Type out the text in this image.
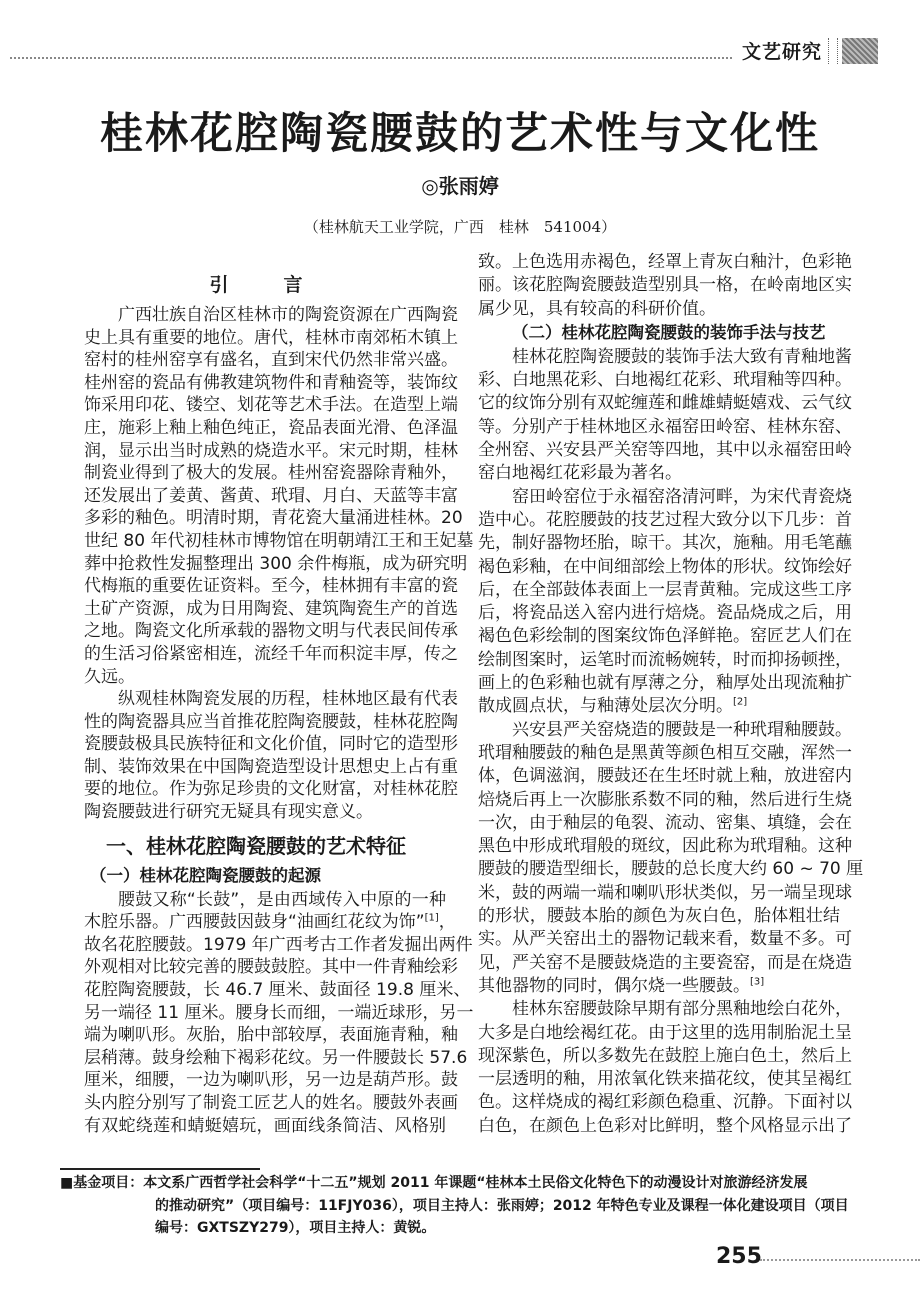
文艺研究
桂林花腔陶瓷腰鼓的艺术性与文化性
◎张雨婷
（桂林航天工业学院，广西　桂林　541004）
引　言
广西壮族自治区桂林市的陶瓷资源在广西陶瓷
史上具有重要的地位。唐代，桂林市南郊柘木镇上
窑村的桂州窑享有盛名，直到宋代仍然非常兴盛。
桂州窑的瓷品有佛教建筑物件和青釉瓷等，装饰纹
饰采用印花、镂空、划花等艺术手法。在造型上端
庄，施彩上釉上釉色纯正，瓷品表面光滑、色泽温
润，显示出当时成熟的烧造水平。宋元时期，桂林
制瓷业得到了极大的发展。桂州窑瓷器除青釉外，
还发展出了姜黄、酱黄、玳瑁、月白、天蓝等丰富
多彩的釉色。明清时期，青花瓷大量涌进桂林。20
世纪 80 年代初桂林市博物馆在明朝靖江王和王妃墓
葬中抢救性发掘整理出 300 余件梅瓶，成为研究明
代梅瓶的重要佐证资料。至今，桂林拥有丰富的瓷
土矿产资源，成为日用陶瓷、建筑陶瓷生产的首选
之地。陶瓷文化所承载的器物文明与代表民间传承
的生活习俗紧密相连，流经千年而积淀丰厚，传之
久远。
纵观桂林陶瓷发展的历程，桂林地区最有代表
性的陶瓷器具应当首推花腔陶瓷腰鼓，桂林花腔陶
瓷腰鼓极具民族特征和文化价值，同时它的造型形
制、装饰效果在中国陶瓷造型设计思想史上占有重
要的地位。作为弥足珍贵的文化财富，对桂林花腔
陶瓷腰鼓进行研究无疑具有现实意义。
一、桂林花腔陶瓷腰鼓的艺术特征
（一）桂林花腔陶瓷腰鼓的起源
腰鼓又称“长鼓”，是由西域传入中原的一种
木腔乐器。广西腰鼓因鼓身“油画红花纹为饰”[1]，
故名花腔腰鼓。1979 年广西考古工作者发掘出两件
外观相对比较完善的腰鼓鼓腔。其中一件青釉绘彩
花腔陶瓷腰鼓，长 46.7 厘米、鼓面径 19.8 厘米、
另一端径 11 厘米。腰身长而细，一端近球形，另一
端为喇叭形。灰胎，胎中部较厚，表面施青釉，釉
层稍薄。鼓身绘釉下褐彩花纹。另一件腰鼓长 57.6
厘米，细腰，一边为喇叭形，另一边是葫芦形。鼓
头内腔分别写了制瓷工匠艺人的姓名。腰鼓外表画
有双蛇绕莲和蜻蜓嬉玩，画面线条简洁、风格别
致。上色选用赤褐色，经罩上青灰白釉汁，色彩艳
丽。该花腔陶瓷腰鼓造型别具一格，在岭南地区实
属少见，具有较高的科研价值。
（二）桂林花腔陶瓷腰鼓的装饰手法与技艺
桂林花腔陶瓷腰鼓的装饰手法大致有青釉地酱
彩、白地黑花彩、白地褐红花彩、玳瑁釉等四种。
它的纹饰分别有双蛇缠莲和雌雄蜻蜓嬉戏、云气纹
等。分别产于桂林地区永福窑田岭窑、桂林东窑、
全州窑、兴安县严关窑等四地，其中以永福窑田岭
窑白地褐红花彩最为著名。
窑田岭窑位于永福窑洛清河畔，为宋代青瓷烧
造中心。花腔腰鼓的技艺过程大致分以下几步：首
先，制好器物坯胎，晾干。其次，施釉。用毛笔蘸
褐色彩釉，在中间细部绘上物体的形状。纹饰绘好
后，在全部鼓体表面上一层青黄釉。完成这些工序
后，将瓷品送入窑内进行焙烧。瓷品烧成之后，用
褐色色彩绘制的图案纹饰色泽鲜艳。窑匠艺人们在
绘制图案时，运笔时而流畅婉转，时而抑扬顿挫，
画上的色彩釉也就有厚薄之分，釉厚处出现流釉扩
散成圆点状，与釉薄处层次分明。[2]
兴安县严关窑烧造的腰鼓是一种玳瑁釉腰鼓。
玳瑁釉腰鼓的釉色是黑黄等颜色相互交融，浑然一
体，色调滋润，腰鼓还在生坯时就上釉，放进窑内
焙烧后再上一次膨胀系数不同的釉，然后进行生烧
一次，由于釉层的龟裂、流动、密集、填缝，会在
黑色中形成玳瑁般的斑纹，因此称为玳瑁釉。这种
腰鼓的腰造型细长，腰鼓的总长度大约 60 ~ 70 厘
米，鼓的两端一端和喇叭形状类似，另一端呈现球
的形状，腰鼓本胎的颜色为灰白色，胎体粗壮结
实。从严关窑出土的器物记载来看，数量不多。可
见，严关窑不是腰鼓烧造的主要瓷窑，而是在烧造
其他器物的同时，偶尔烧一些腰鼓。[3]
桂林东窑腰鼓除早期有部分黑釉地绘白花外，
大多是白地绘褐红花。由于这里的选用制胎泥土呈
现深紫色，所以多数先在鼓腔上施白色土，然后上
一层透明的釉，用浓氧化铁来描花纹，使其呈褐红
色。这样烧成的褐红彩颜色稳重、沉静。下面衬以
白色，在颜色上色彩对比鲜明，整个风格显示出了
■基金项目：本文系广西哲学社会科学“十二五”规划 2011 年课题“桂林本土民俗文化特色下的动漫设计对旅游经济发展
的推动研究”（项目编号：11FJY036），项目主持人：张雨婷；2012 年特色专业及课程一体化建设项目（项目
编号：GXTSZY279），项目主持人：黄锐。
255
